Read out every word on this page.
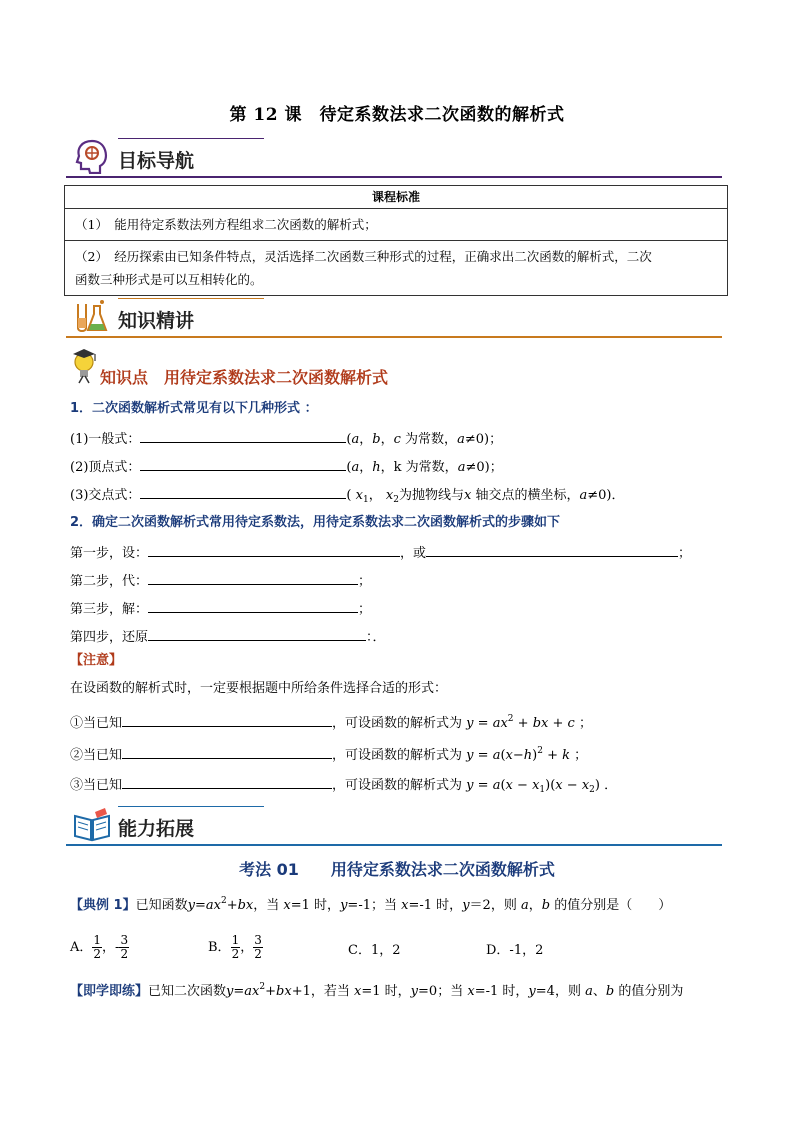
第 12 课　待定系数法求二次函数的解析式
目标导航
课程标准
（1）　能用待定系数法列方程组求二次函数的解析式；
（2）　经历探索由已知条件特点，灵活选择二次函数三种形式的过程，正确求出二次函数的解析式，二次
函数三种形式是可以互相转化的。
知识精讲
知识点　用待定系数法求二次函数解析式
1．二次函数解析式常见有以下几种形式 ：
(1)一般式：	(a，b，c 为常数，a≠0)；
(2)顶点式：	(a，h，k 为常数，a≠0)；
(3)交点式：	( $x_1$， $x_2$为抛物线与x 轴交点的横坐标，a≠0)．
2．确定二次函数解析式常用待定系数法，用待定系数法求二次函数解析式的步骤如下
第一步，设：	，或	；
第二步，代：	；
第三步，解：	；
第四步，还原	：．
【注意】
在设函数的解析式时，一定要根据题中所给条件选择合适的形式：
①当已知	，可设函数的解析式为 $y = ax^2$ + bx + c ；
②当已知	，可设函数的解析式为 $y = a(x-h)^2 + k$ ；
③当已知	，可设函数的解析式为 $y = a(x - x_1)(x - x_2)$ ．
能力拓展
考法 01　　用待定系数法求二次函数解析式
【典例 1】已知函数$y=ax^2+bx$，当 x=1 时，y=-1；当 x=-1 时，y＝2，则 a，b 的值分别是（　　）
A． $\frac{1}{2}$ ，- $\frac{3}{2}$	B． $\frac{1}{2}$ ， $\frac{3}{2}$	C．1，2	D．-1，2
【即学即练】已知二次函数$y=ax^2+bx+1$，若当 x=1 时，y=0；当 x=-1 时，y=4，则 a、b 的值分别为
